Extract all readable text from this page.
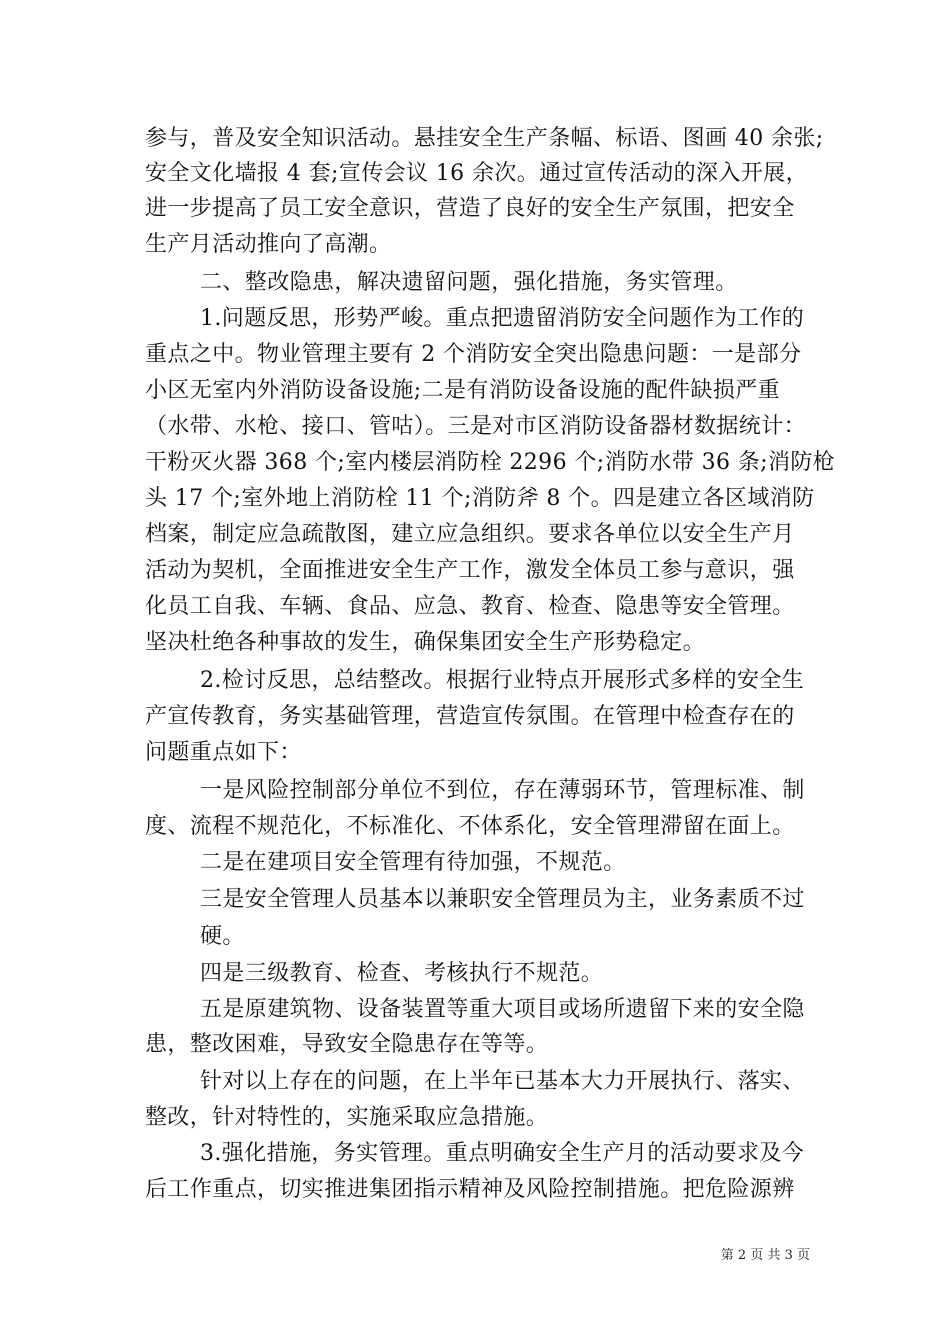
参与，普及安全知识活动。悬挂安全生产条幅、标语、图画 40 余张;
安全文化墙报 4 套;宣传会议 16 余次。通过宣传活动的深入开展，
进一步提高了员工安全意识，营造了良好的安全生产氛围，把安全
生产月活动推向了高潮。
二、整改隐患，解决遗留问题，强化措施，务实管理。
1.问题反思，形势严峻。重点把遗留消防安全问题作为工作的
重点之中。物业管理主要有 2 个消防安全突出隐患问题：一是部分
小区无室内外消防设备设施;二是有消防设备设施的配件缺损严重
（水带、水枪、接口、管咕）。三是对市区消防设备器材数据统计：
干粉灭火器 368 个;室内楼层消防栓 2296 个;消防水带 36 条;消防枪
头 17 个;室外地上消防栓 11 个;消防斧 8 个。四是建立各区域消防
档案，制定应急疏散图，建立应急组织。要求各单位以安全生产月
活动为契机，全面推进安全生产工作，激发全体员工参与意识，强
化员工自我、车辆、食品、应急、教育、检查、隐患等安全管理。
坚决杜绝各种事故的发生，确保集团安全生产形势稳定。
2.检讨反思，总结整改。根据行业特点开展形式多样的安全生
产宣传教育，务实基础管理，营造宣传氛围。在管理中检查存在的
问题重点如下：
一是风险控制部分单位不到位，存在薄弱环节，管理标准、制
度、流程不规范化，不标准化、不体系化，安全管理滞留在面上。
二是在建项目安全管理有待加强，不规范。
三是安全管理人员基本以兼职安全管理员为主，业务素质不过
硬。
四是三级教育、检查、考核执行不规范。
五是原建筑物、设备装置等重大项目或场所遗留下来的安全隐
患，整改困难，导致安全隐患存在等等。
针对以上存在的问题，在上半年已基本大力开展执行、落实、
整改，针对特性的，实施采取应急措施。
3.强化措施，务实管理。重点明确安全生产月的活动要求及今
后工作重点，切实推进集团指示精神及风险控制措施。把危险源辨
第 2 页 共 3 页
